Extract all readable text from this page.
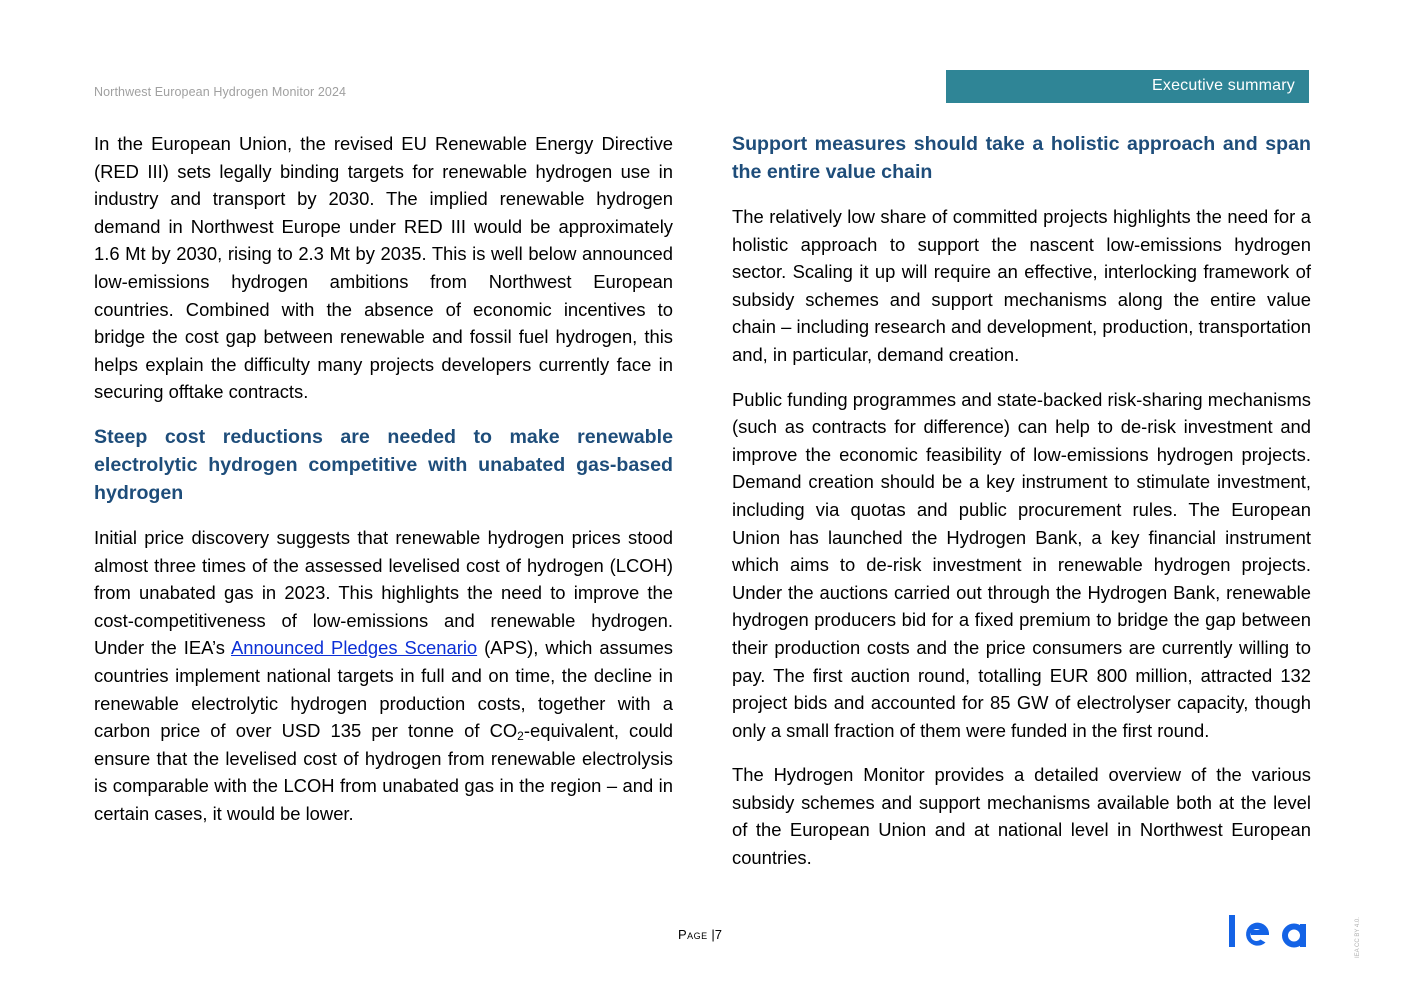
Northwest European Hydrogen Monitor 2024	Executive summary

In the European Union, the revised EU Renewable Energy Directive (RED III) sets legally binding targets for renewable hydrogen use in industry and transport by 2030. The implied renewable hydrogen demand in Northwest Europe under RED III would be approximately 1.6 Mt by 2030, rising to 2.3 Mt by 2035. This is well below announced low-emissions hydrogen ambitions from Northwest European countries. Combined with the absence of economic incentives to bridge the cost gap between renewable and fossil fuel hydrogen, this helps explain the difficulty many projects developers currently face in securing offtake contracts.

Steep cost reductions are needed to make renewable electrolytic hydrogen competitive with unabated gas-based hydrogen

Initial price discovery suggests that renewable hydrogen prices stood almost three times of the assessed levelised cost of hydrogen (LCOH) from unabated gas in 2023. This highlights the need to improve the cost-competitiveness of low-emissions and renewable hydrogen. Under the IEA’s Announced Pledges Scenario (APS), which assumes countries implement national targets in full and on time, the decline in renewable electrolytic hydrogen production costs, together with a carbon price of over USD 135 per tonne of $CO_2$-equivalent, could ensure that the levelised cost of hydrogen from renewable electrolysis is comparable with the LCOH from unabated gas in the region – and in certain cases, it would be lower.

Support measures should take a holistic approach and span the entire value chain

The relatively low share of committed projects highlights the need for a holistic approach to support the nascent low-emissions hydrogen sector. Scaling it up will require an effective, interlocking framework of subsidy schemes and support mechanisms along the entire value chain – including research and development, production, transportation and, in particular, demand creation.

Public funding programmes and state-backed risk-sharing mechanisms (such as contracts for difference) can help to de-risk investment and improve the economic feasibility of low-emissions hydrogen projects. Demand creation should be a key instrument to stimulate investment, including via quotas and public procurement rules. The European Union has launched the Hydrogen Bank, a key financial instrument which aims to de-risk investment in renewable hydrogen projects. Under the auctions carried out through the Hydrogen Bank, renewable hydrogen producers bid for a fixed premium to bridge the gap between their production costs and the price consumers are currently willing to pay. The first auction round, totalling EUR 800 million, attracted 132 project bids and accounted for 85 GW of electrolyser capacity, though only a small fraction of them were funded in the first round.

The Hydrogen Monitor provides a detailed overview of the various subsidy schemes and support mechanisms available both at the level of the European Union and at national level in Northwest European countries.

Page |7	IEA CC BY 4.0.
